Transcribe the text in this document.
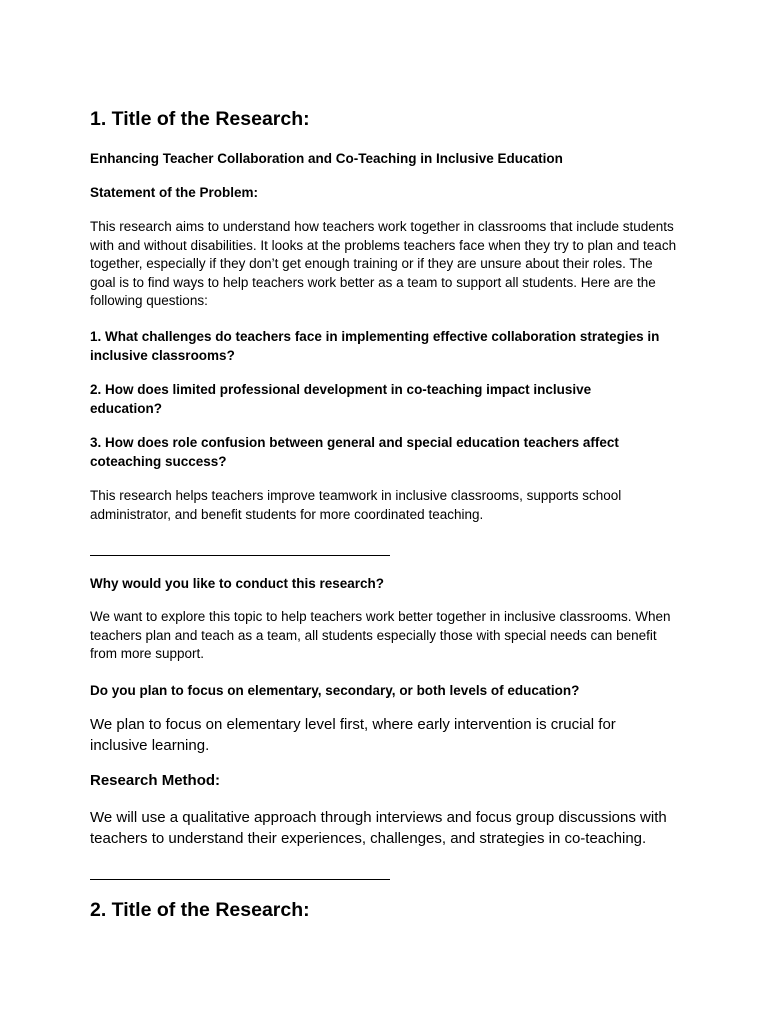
1. Title of the Research:

Enhancing Teacher Collaboration and Co-Teaching in Inclusive Education

Statement of the Problem:

This research aims to understand how teachers work together in classrooms that include students with and without disabilities. It looks at the problems teachers face when they try to plan and teach together, especially if they don’t get enough training or if they are unsure about their roles. The goal is to find ways to help teachers work better as a team to support all students. Here are the following questions:

1. What challenges do teachers face in implementing effective collaboration strategies in inclusive classrooms?

2. How does limited professional development in co-teaching impact inclusive education?

3. How does role confusion between general and special education teachers affect coteaching success?

This research helps teachers improve teamwork in inclusive classrooms, supports school administrator, and benefit students for more coordinated teaching.

Why would you like to conduct this research?

We want to explore this topic to help teachers work better together in inclusive classrooms. When teachers plan and teach as a team, all students especially those with special needs can benefit from more support.

Do you plan to focus on elementary, secondary, or both levels of education?

We plan to focus on elementary level first, where early intervention is crucial for inclusive learning.

Research Method:

We will use a qualitative approach through interviews and focus group discussions with teachers to understand their experiences, challenges, and strategies in co-teaching.

2. Title of the Research:
